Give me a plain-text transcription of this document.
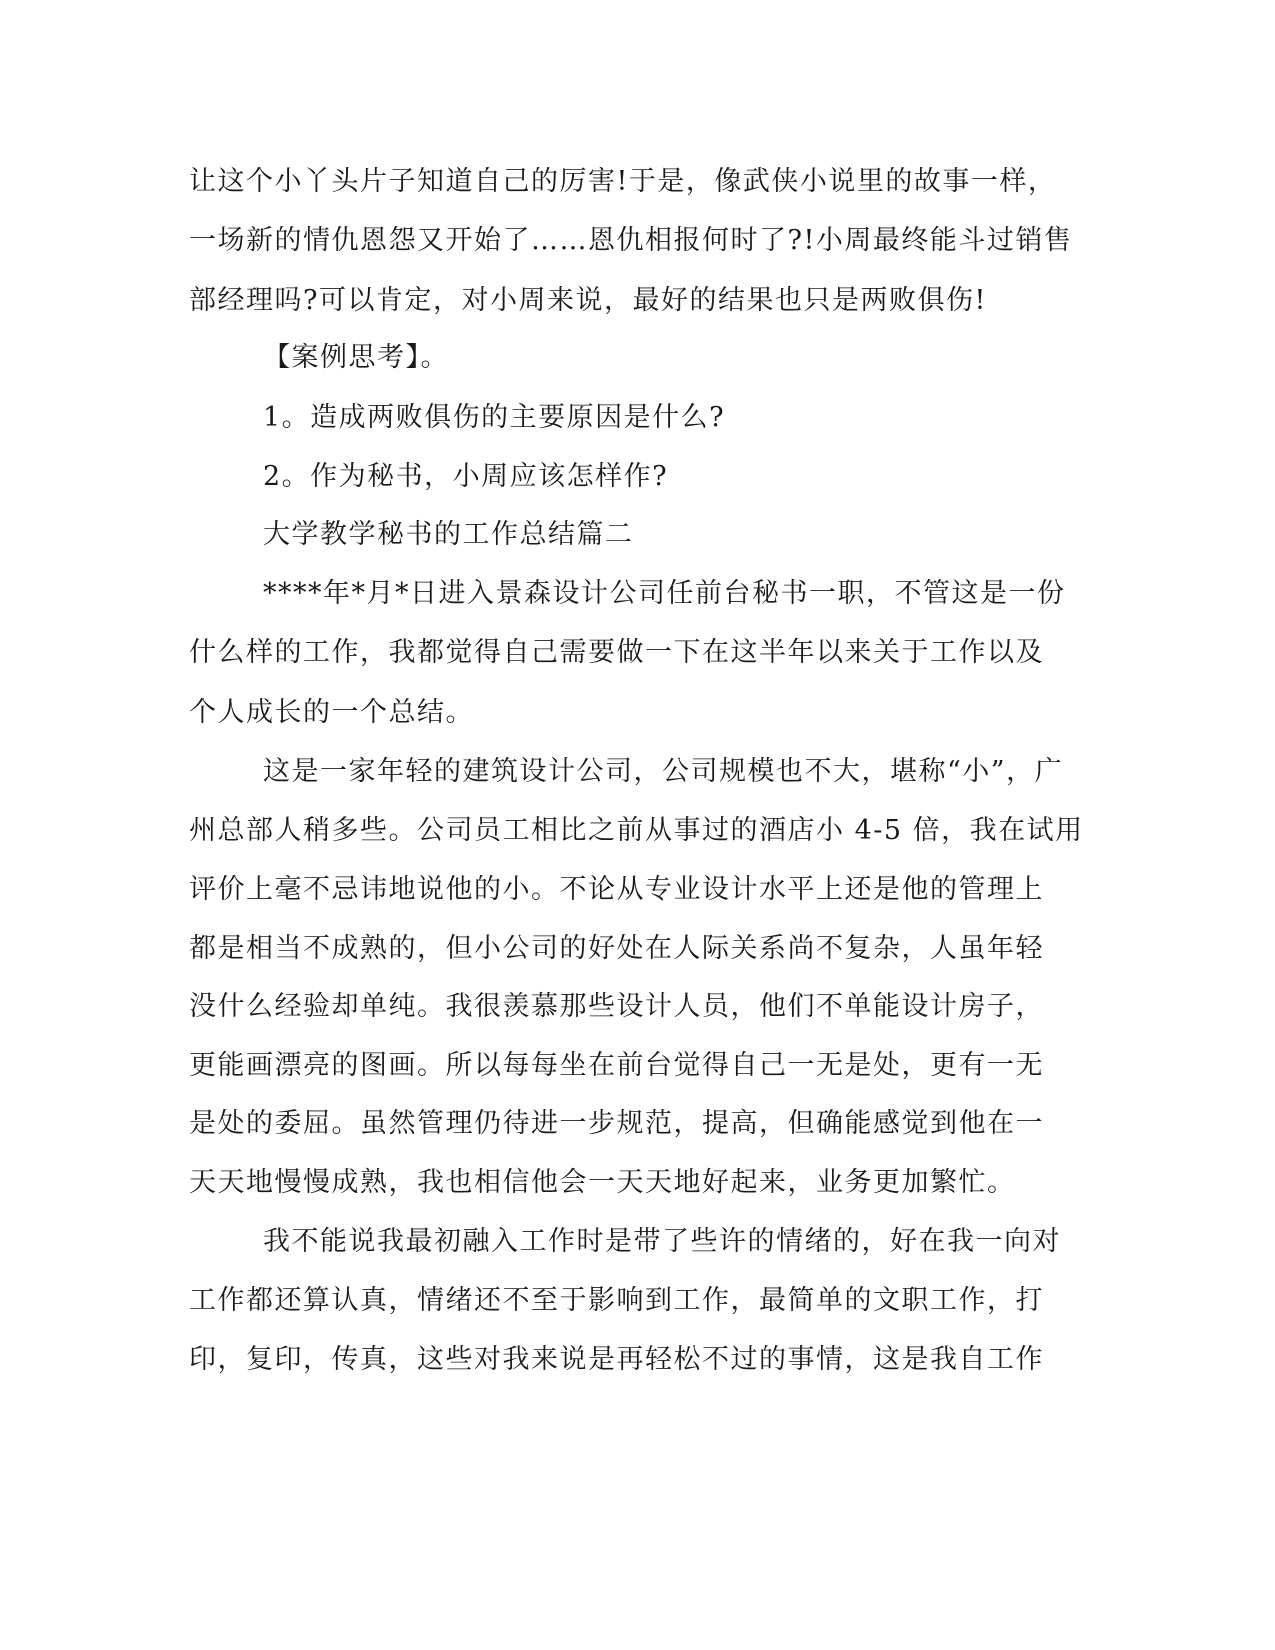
让这个小丫头片子知道自己的厉害!于是，像武侠小说里的故事一样，

一场新的情仇恩怨又开始了……恩仇相报何时了?!小周最终能斗过销售

部经理吗?可以肯定，对小周来说，最好的结果也只是两败俱伤!

【案例思考】。

1。造成两败俱伤的主要原因是什么?

2。作为秘书，小周应该怎样作?

大学教学秘书的工作总结篇二

****年*月*日进入景森设计公司任前台秘书一职，不管这是一份

什么样的工作，我都觉得自己需要做一下在这半年以来关于工作以及

个人成长的一个总结。

这是一家年轻的建筑设计公司，公司规模也不大，堪称“小”，广

州总部人稍多些。公司员工相比之前从事过的酒店小 4-5 倍，我在试用

评价上毫不忌讳地说他的小。不论从专业设计水平上还是他的管理上

都是相当不成熟的，但小公司的好处在人际关系尚不复杂，人虽年轻

没什么经验却单纯。我很羡慕那些设计人员，他们不单能设计房子，

更能画漂亮的图画。所以每每坐在前台觉得自己一无是处，更有一无

是处的委屈。虽然管理仍待进一步规范，提高，但确能感觉到他在一

天天地慢慢成熟，我也相信他会一天天地好起来，业务更加繁忙。

我不能说我最初融入工作时是带了些许的情绪的，好在我一向对

工作都还算认真，情绪还不至于影响到工作，最简单的文职工作，打

印，复印，传真，这些对我来说是再轻松不过的事情，这是我自工作
